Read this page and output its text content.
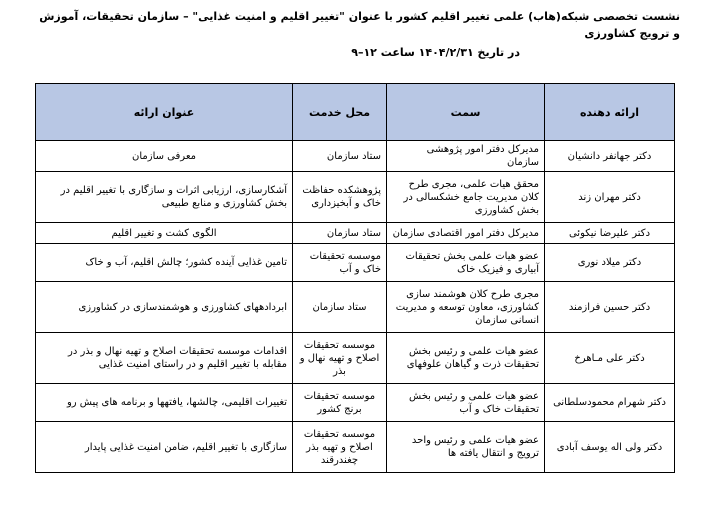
نشست تخصصی شبکه(هاب) علمی تغییر اقلیم کشور با عنوان "تغییر اقلیم و امنیت غذایی" – سازمان تحقیقات، آموزش و ترویج کشاورزی

در تاریخ ۱۴۰۴/۲/۳۱ ساعت ۱۲–۹

ارائه دهنده	سمت	محل خدمت	عنوان ارائه
دکتر جهانفر دانشیان	مدیرکل دفتر امور پژوهشی سازمان	ستاد سازمان	معرفی سازمان
دکتر مهران زند	محقق هیات علمی، مجری طرح کلان مدیریت جامع خشکسالی در بخش کشاورزی	پژوهشکده حفاظت خاک و آبخیزداری	آشکارسازی، ارزیابی اثرات و سازگاری با تغییر اقلیم در بخش کشاورزی و منابع طبیعی
دکتر علیرضا نیکوئی	مدیرکل دفتر امور اقتصادی سازمان	ستاد سازمان	الگوی کشت و تغییر اقلیم
دکتر میلاد نوری	عضو هیات علمی بخش تحقیقات آبیاری و فیزیک خاک	موسسه تحقیقات خاک و آب	تامین غذایی آینده کشور؛ چالش اقلیم، آب و خاک
دکتر حسین فرازمند	مجری طرح کلان هوشمند سازی کشاورزی، معاون توسعه و مدیریت انسانی سازمان	ستاد سازمان	ابردادههای کشاورزی و هوشمندسازی در کشاورزی
دکتر علی مـاهرخ	عضو هیات علمی و رئیس بخش تحقیقات ذرت و گیاهان علوفهای	موسسه تحقیقات اصلاح و تهیه نهال و بذر	اقدامات موسسه تحقیقات اصلاح و تهیه نهال و بذر در مقابله با تغییر اقلیم و در راستای امنیت غذایی
دکتر شهرام محمودسلطانی	عضو هیات علمی و رئیس بخش تحقیقات خاک و آب	موسسه تحقیقات برنج کشور	تغییرات اقلیمی، چالشها، یافتهها و برنامه های پیش رو
دکتر ولی اله یوسف آبادی	عضو هیات علمی و رئیس واحد ترویج و انتقال یافته ها	موسسه تحقیقات اصلاح و تهیه بذر چغندرقند	سازگاری با تغییر اقلیم، ضامن امنیت غذایی پایدار
